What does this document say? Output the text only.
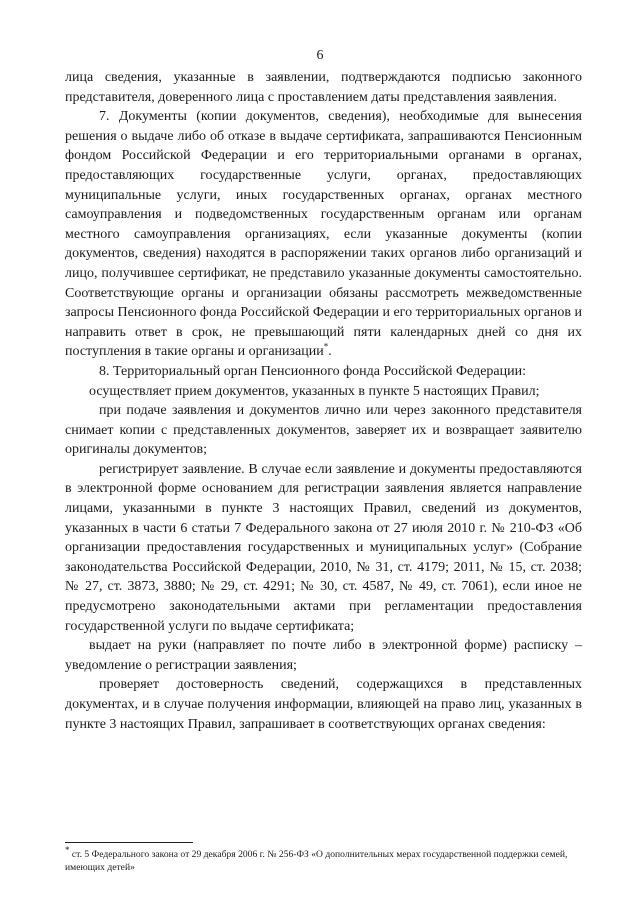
6

лица сведения, указанные в заявлении, подтверждаются подписью законного представителя, доверенного лица с проставлением даты представления заявления.

7. Документы (копии документов, сведения), необходимые для вынесения решения о выдаче либо об отказе в выдаче сертификата, запрашиваются Пенсионным фондом Российской Федерации и его территориальными органами в органах, предоставляющих государственные услуги, органах, предоставляющих муниципальные услуги, иных государственных органах, органах местного самоуправления и подведомственных государственным органам или органам местного самоуправления организациях, если указанные документы (копии документов, сведения) находятся в распоряжении таких органов либо организаций и лицо, получившее сертификат, не представило указанные документы самостоятельно. Соответствующие органы и организации обязаны рассмотреть межведомственные запросы Пенсионного фонда Российской Федерации и его территориальных органов и направить ответ в срок, не превышающий пяти календарных дней со дня их поступления в такие органы и организации*.

8. Территориальный орган Пенсионного фонда Российской Федерации:

осуществляет прием документов, указанных в пункте 5 настоящих Правил;

при подаче заявления и документов лично или через законного представителя снимает копии с представленных документов, заверяет их и возвращает заявителю оригиналы документов;

регистрирует заявление. В случае если заявление и документы предоставляются в электронной форме основанием для регистрации заявления является направление лицами, указанными в пункте 3 настоящих Правил, сведений из документов, указанных в части 6 статьи 7 Федерального закона от 27 июля 2010 г. № 210-ФЗ «Об организации предоставления государственных и муниципальных услуг» (Собрание законодательства Российской Федерации, 2010, № 31, ст. 4179; 2011, № 15, ст. 2038; № 27, ст. 3873, 3880; № 29, ст. 4291; № 30, ст. 4587, № 49, ст. 7061), если иное не предусмотрено законодательными актами при регламентации предоставления государственной услуги по выдаче сертификата;

выдает на руки (направляет по почте либо в электронной форме) расписку – уведомление о регистрации заявления;

проверяет достоверность сведений, содержащихся в представленных документах, и в случае получения информации, влияющей на право лиц, указанных в пункте 3 настоящих Правил, запрашивает в соответствующих органах сведения:

* ст. 5 Федерального закона от 29 декабря 2006 г. № 256-ФЗ «О дополнительных мерах государственной поддержки семей, имеющих детей»
